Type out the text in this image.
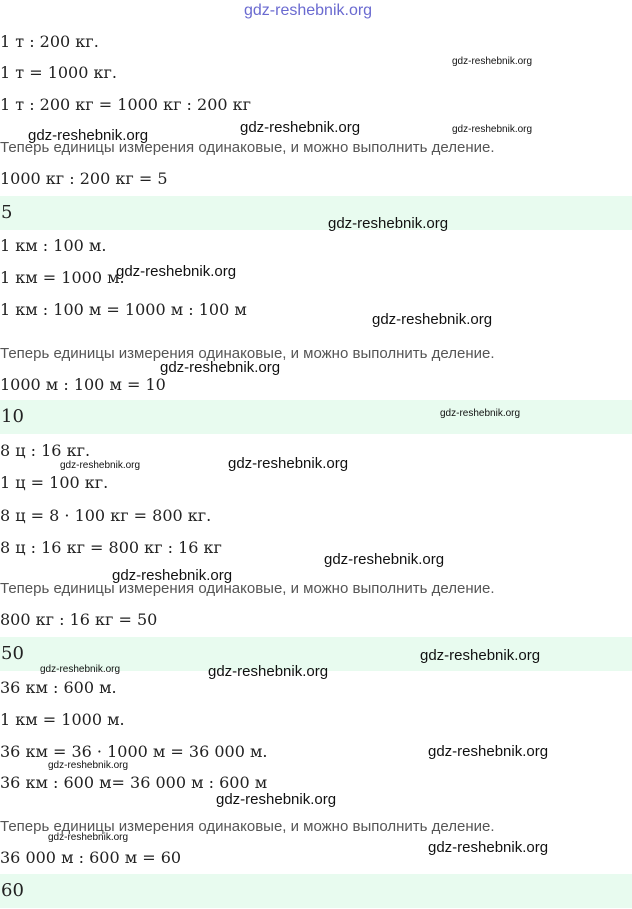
gdz-reshebnik.org
1 т : 200 кг.
1 т = 1000 кг.
1 т : 200 кг = 1000 кг : 200 кг
Теперь единицы измерения одинаковые, и можно выполнить деление.
1000 кг : 200 кг = 5
5
1 км : 100 м.
1 км = 1000 м.
1 км : 100 м = 1000 м : 100 м
Теперь единицы измерения одинаковые, и можно выполнить деление.
1000 м : 100 м = 10
10
8 ц : 16 кг.
1 ц = 100 кг.
8 ц = 8 · 100 кг = 800 кг.
8 ц : 16 кг = 800 кг : 16 кг
Теперь единицы измерения одинаковые, и можно выполнить деление.
800 кг : 16 кг = 50
50
36 км : 600 м.
1 км = 1000 м.
36 км = 36 · 1000 м = 36 000 м.
36 км : 600 м= 36 000 м : 600 м
Теперь единицы измерения одинаковые, и можно выполнить деление.
36 000 м : 600 м = 60
60
gdz-reshebnik.org
gdz-reshebnik.org	gdz-reshebnik.org	gdz-reshebnik.org
gdz-reshebnik.org
gdz-reshebnik.org
gdz-reshebnik.org
gdz-reshebnik.org
gdz-reshebnik.org
gdz-reshebnik.org	gdz-reshebnik.org
gdz-reshebnik.org
gdz-reshebnik.org
gdz-reshebnik.org
gdz-reshebnik.org	gdz-reshebnik.org
gdz-reshebnik.org
gdz-reshebnik.org
gdz-reshebnik.org
gdz-reshebnik.org
gdz-reshebnik.org
